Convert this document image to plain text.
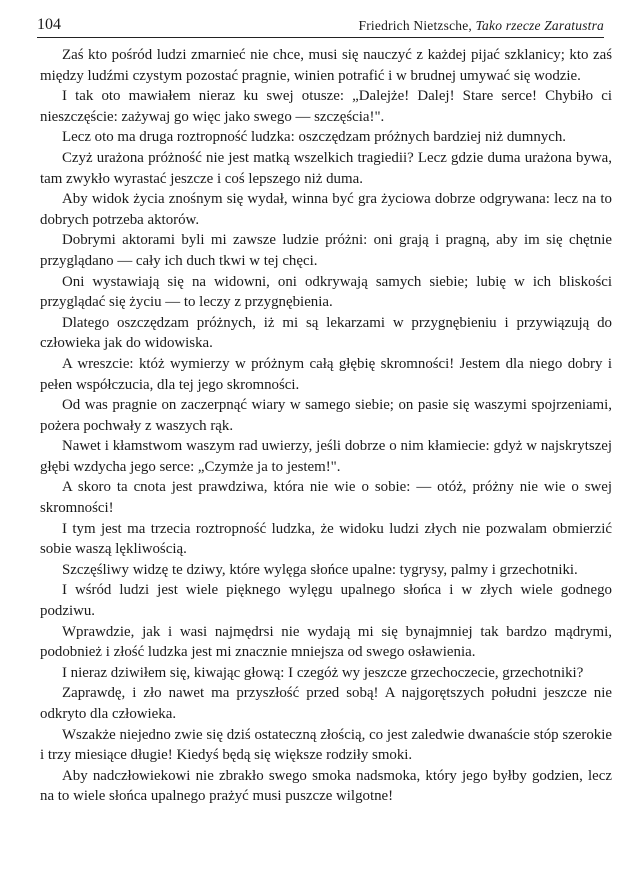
104	Friedrich Nietzsche, Tako rzecze Zaratustra

Zaś kto pośród ludzi zmarnieć nie chce, musi się nauczyć z każdej pijać szklanicy; kto zaś między ludźmi czystym pozostać pragnie, winien potrafić i w brudnej umywać się wodzie.

I tak oto mawiałem nieraz ku swej otusze: „Dalejże! Dalej! Stare serce! Chybiło ci nieszczęście: zażywaj go więc jako swego — szczęścia!".

Lecz oto ma druga roztropność ludzka: oszczędzam próżnych bardziej niż dumnych.

Czyż urażona próżność nie jest matką wszelkich tragiedii? Lecz gdzie duma urażona bywa, tam zwykło wyrastać jeszcze i coś lepszego niż duma.

Aby widok życia znośnym się wydał, winna być gra życiowa dobrze odgrywana: lecz na to dobrych potrzeba aktorów.

Dobrymi aktorami byli mi zawsze ludzie próżni: oni grają i pragną, aby im się chętnie przyglądano — cały ich duch tkwi w tej chęci.

Oni wystawiają się na widowni, oni odkrywają samych siebie; lubię w ich bliskości przyglądać się życiu — to leczy z przygnębienia.

Dlatego oszczędzam próżnych, iż mi są lekarzami w przygnębieniu i przywiązują do człowieka jak do widowiska.

A wreszcie: któż wymierzy w próżnym całą głębię skromności! Jestem dla niego dobry i pełen współczucia, dla tej jego skromności.

Od was pragnie on zaczerpnąć wiary w samego siebie; on pasie się waszymi spojrzeniami, pożera pochwały z waszych rąk.

Nawet i kłamstwom waszym rad uwierzy, jeśli dobrze o nim kłamiecie: gdyż w najskrytszej głębi wzdycha jego serce: „Czymże ja to jestem!".

A skoro ta cnota jest prawdziwa, która nie wie o sobie: — otóż, próżny nie wie o swej skromności!

I tym jest ma trzecia roztropność ludzka, że widoku ludzi złych nie pozwalam obmierzić sobie waszą lękliwością.

Szczęśliwy widzę te dziwy, które wylęga słońce upalne: tygrysy, palmy i grzechotniki.

I wśród ludzi jest wiele pięknego wylęgu upalnego słońca i w złych wiele godnego podziwu.

Wprawdzie, jak i wasi najmędrsi nie wydają mi się bynajmniej tak bardzo mądrymi, podobnież i złość ludzka jest mi znacznie mniejsza od swego osławienia.

I nieraz dziwiłem się, kiwając głową: I czegóż wy jeszcze grzechoczecie, grzechotniki?

Zaprawdę, i zło nawet ma przyszłość przed sobą! A najgorętszych południ jeszcze nie odkryto dla człowieka.

Wszakże niejedno zwie się dziś ostateczną złością, co jest zaledwie dwanaście stóp szerokie i trzy miesiące długie! Kiedyś będą się większe rodziły smoki.

Aby nadczłowiekowi nie zbrakło swego smoka nadsmoka, który jego byłby godzien, lecz na to wiele słońca upalnego prażyć musi puszcze wilgotne!
